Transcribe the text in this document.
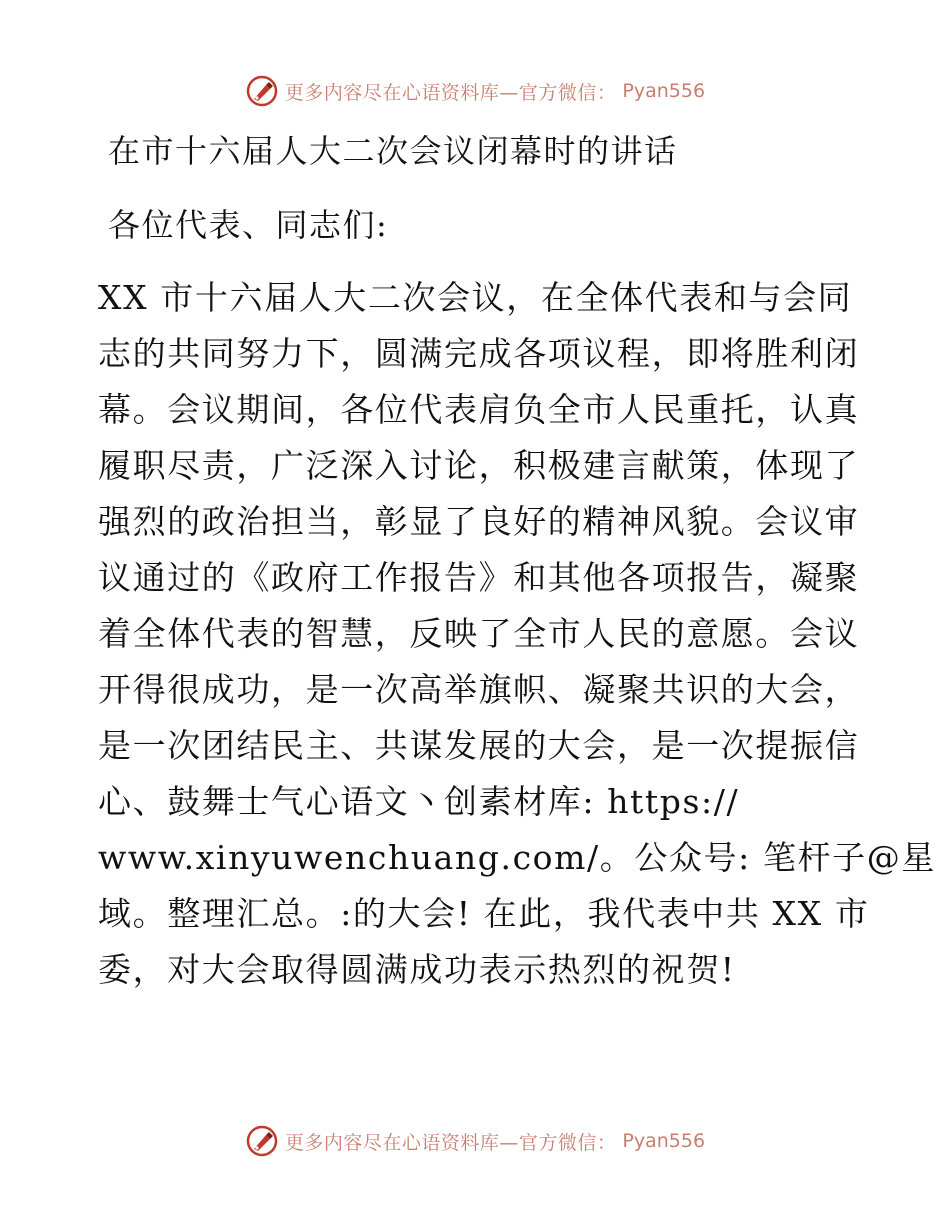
更多内容尽在心语资料库—官方微信： Pyan556
在市十六届人大二次会议闭幕时的讲话
各位代表、同志们:
XX 市十六届人大二次会议，在全体代表和与会同
志的共同努力下，圆满完成各项议程，即将胜利闭
幕。会议期间，各位代表肩负全市人民重托，认真
履职尽责，广泛深入讨论，积极建言献策，体现了
强烈的政治担当，彰显了良好的精神风貌。会议审
议通过的《政府工作报告》和其他各项报告，凝聚
着全体代表的智慧，反映了全市人民的意愿。会议
开得很成功，是一次高举旗帜、凝聚共识的大会，
是一次团结民主、共谋发展的大会，是一次提振信
心、鼓舞士气心语文丶创素材库: https://
www.xinyuwenchuang.com/。公众号: 笔杆子@星
域。整理汇总。:的大会! 在此，我代表中共 XX 市
委，对大会取得圆满成功表示热烈的祝贺!
更多内容尽在心语资料库—官方微信： Pyan556
